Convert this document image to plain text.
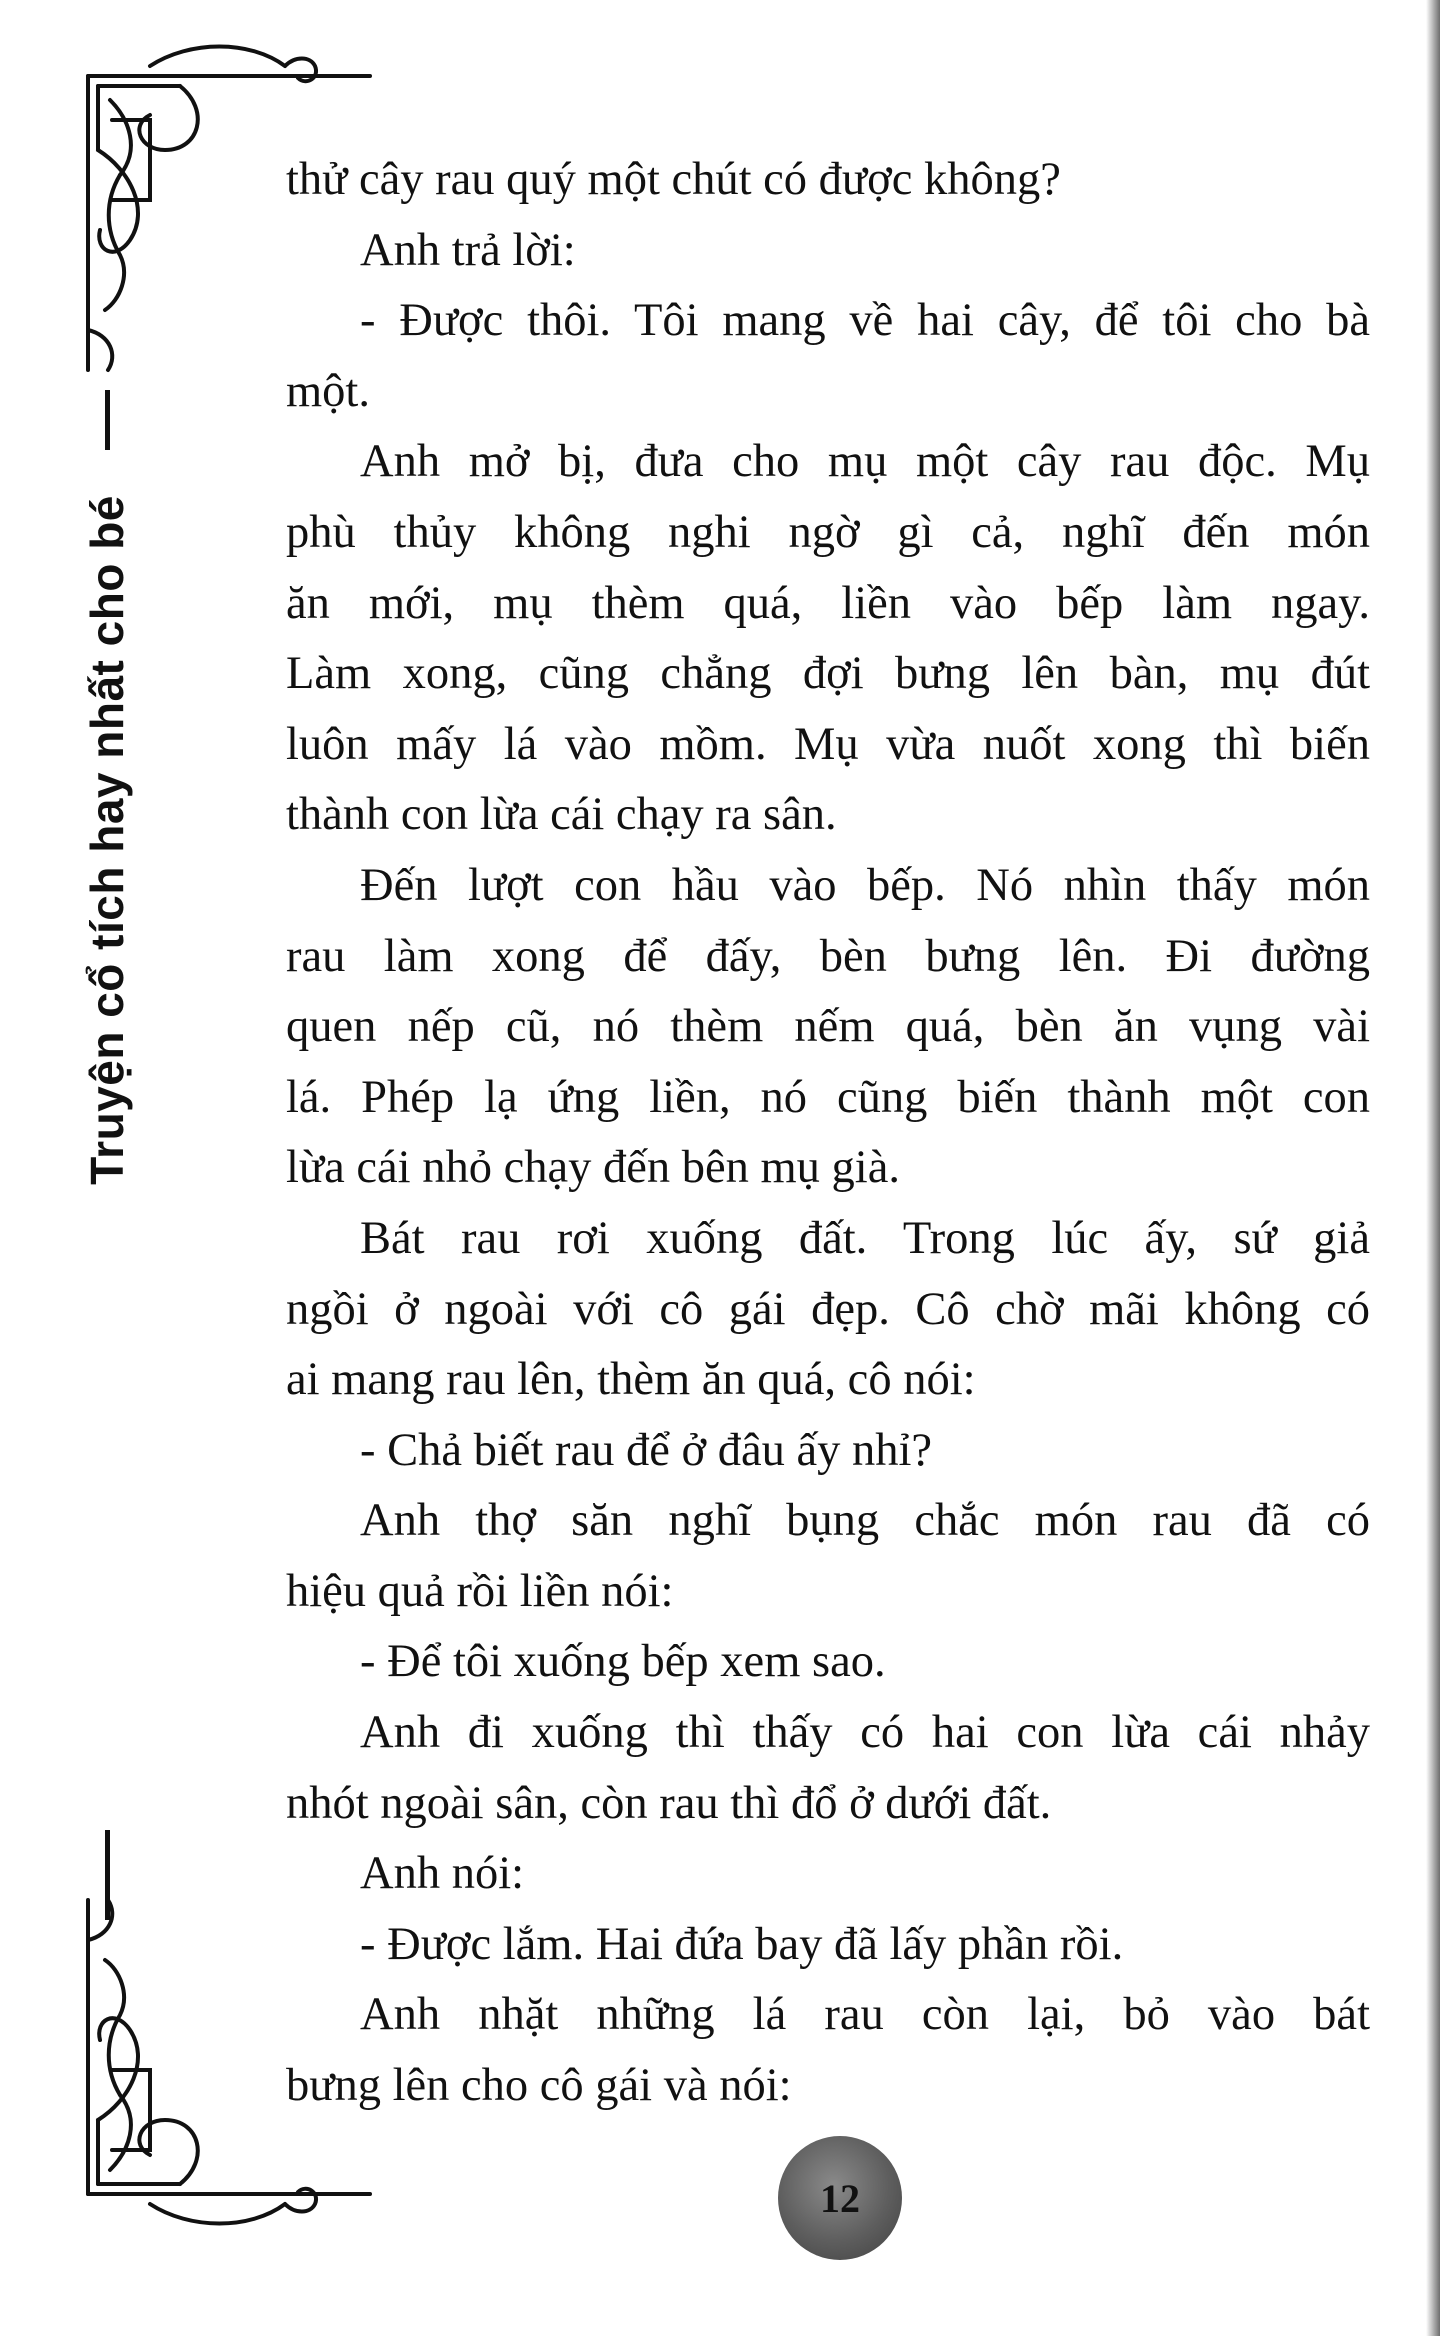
Truyện cổ tích hay nhất cho bé
thử cây rau quý một chút có được không?
Anh trả lời:
- Được thôi. Tôi mang về hai cây, để tôi cho bà
một.
Anh mở bị, đưa cho mụ một cây rau độc. Mụ
phù thủy không nghi ngờ gì cả, nghĩ đến món
ăn mới, mụ thèm quá, liền vào bếp làm ngay.
Làm xong, cũng chẳng đợi bưng lên bàn, mụ đút
luôn mấy lá vào mồm. Mụ vừa nuốt xong thì biến
thành con lừa cái chạy ra sân.
Đến lượt con hầu vào bếp. Nó nhìn thấy món
rau làm xong để đấy, bèn bưng lên. Đi đường
quen nếp cũ, nó thèm nếm quá, bèn ăn vụng vài
lá. Phép lạ ứng liền, nó cũng biến thành một con
lừa cái nhỏ chạy đến bên mụ già.
Bát rau rơi xuống đất. Trong lúc ấy, sứ giả
ngồi ở ngoài với cô gái đẹp. Cô chờ mãi không có
ai mang rau lên, thèm ăn quá, cô nói:
- Chả biết rau để ở đâu ấy nhỉ?
Anh thợ săn nghĩ bụng chắc món rau đã có
hiệu quả rồi liền nói:
- Để tôi xuống bếp xem sao.
Anh đi xuống thì thấy có hai con lừa cái nhảy
nhót ngoài sân, còn rau thì đổ ở dưới đất.
Anh nói:
- Được lắm. Hai đứa bay đã lấy phần rồi.
Anh nhặt những lá rau còn lại, bỏ vào bát
bưng lên cho cô gái và nói:
12
